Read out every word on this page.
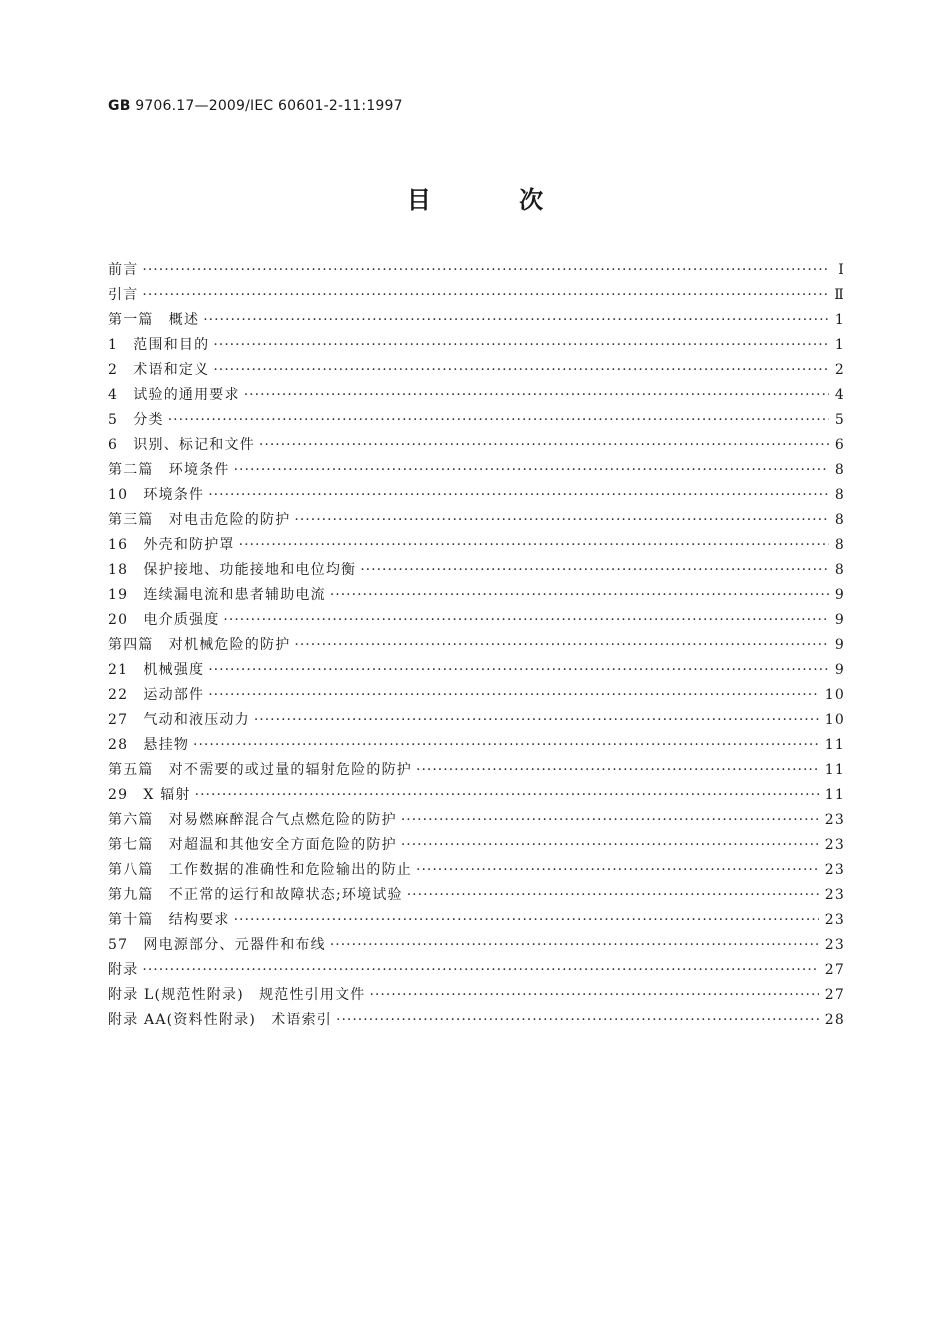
GB 9706.17—2009/IEC 60601-2-11:1997
目 次
前言 ·····	Ⅰ
引言 ·····	Ⅱ
第一篇　概述 ·····	1
1　范围和目的 ·····	1
2　术语和定义 ·····	2
4　试验的通用要求 ·····	4
5　分类 ·····	5
6　识别、标记和文件 ·····	6
第二篇　环境条件 ·····	8
10　环境条件 ·····	8
第三篇　对电击危险的防护 ·····	8
16　外壳和防护罩 ·····	8
18　保护接地、功能接地和电位均衡 ·····	8
19　连续漏电流和患者辅助电流 ·····	9
20　电介质强度 ·····	9
第四篇　对机械危险的防护 ·····	9
21　机械强度 ·····	9
22　运动部件 ·····	10
27　气动和液压动力 ·····	10
28　悬挂物 ·····	11
第五篇　对不需要的或过量的辐射危险的防护 ·····	11
29　X 辐射 ·····	11
第六篇　对易燃麻醉混合气点燃危险的防护 ·····	23
第七篇　对超温和其他安全方面危险的防护 ·····	23
第八篇　工作数据的准确性和危险输出的防止 ·····	23
第九篇　不正常的运行和故障状态;环境试验 ·····	23
第十篇　结构要求 ·····	23
57　网电源部分、元器件和布线 ·····	23
附录 ·····	27
附录 L(规范性附录)　规范性引用文件 ·····	27
附录 AA(资料性附录)　术语索引 ·····	28
